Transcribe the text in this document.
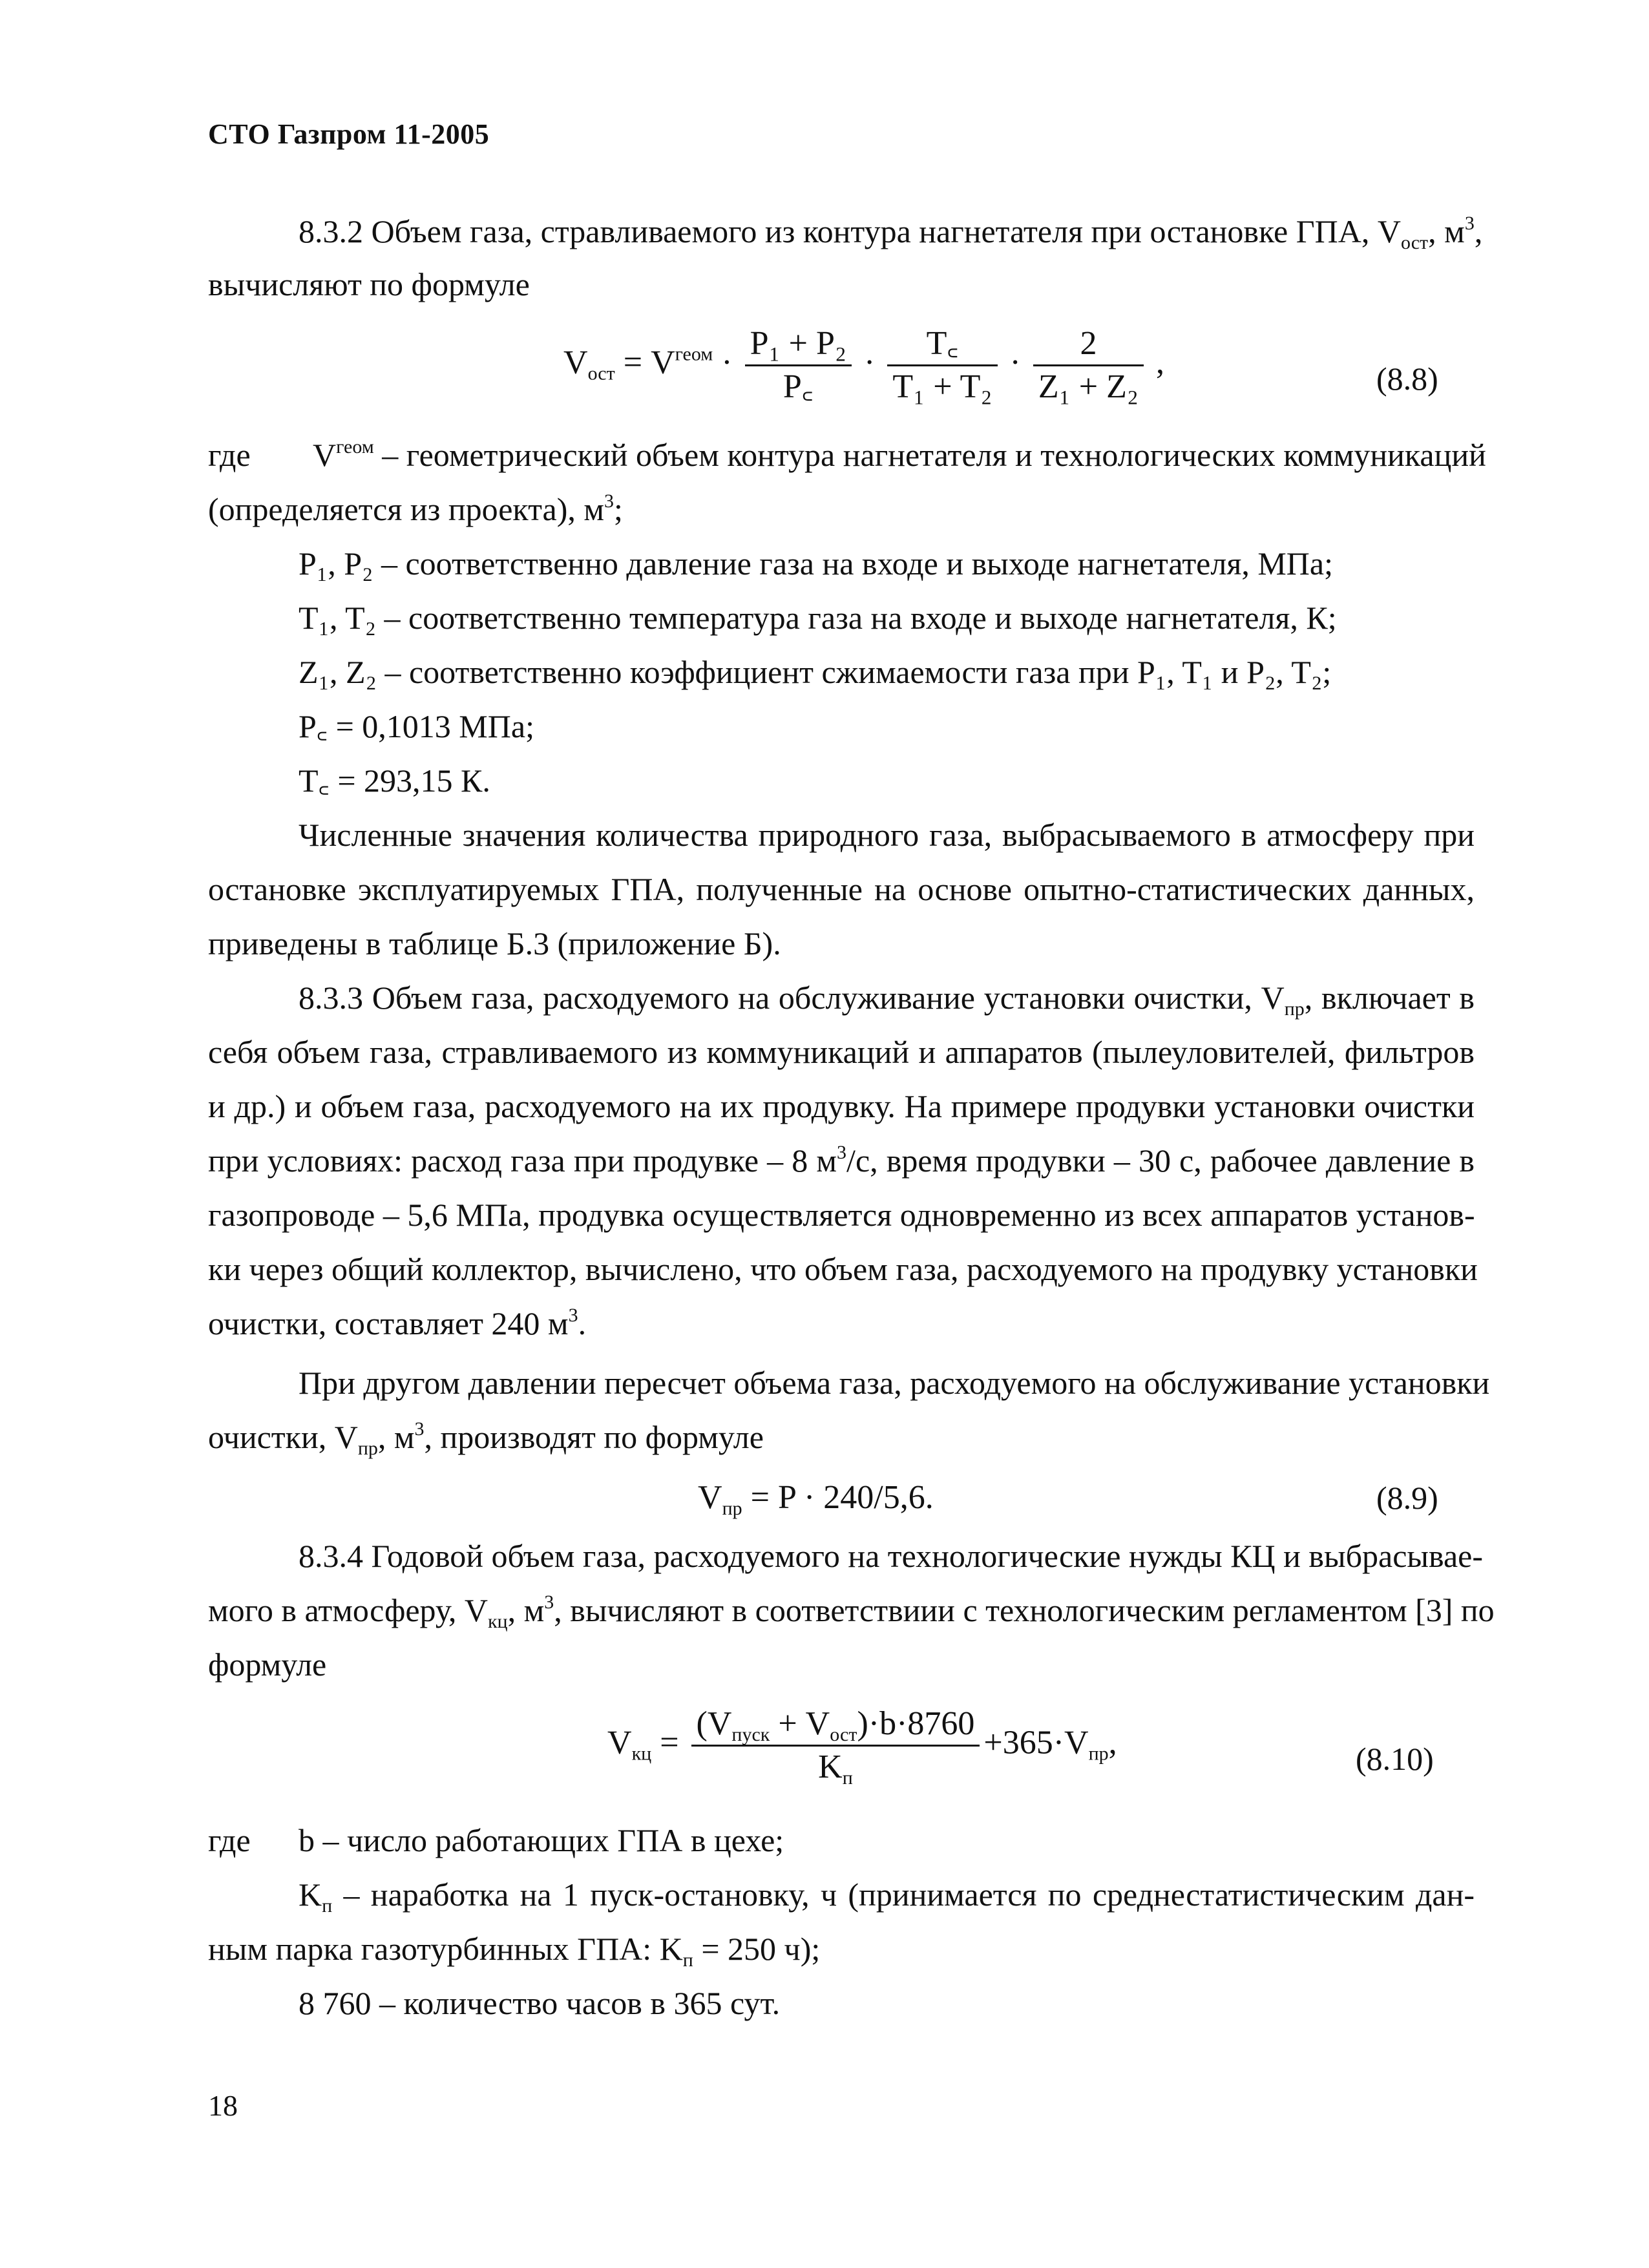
СТО Газпром 11-2005
8.3.2 Объем газа, стравливаемого из контура нагнетателя при остановке ГПА, $V_{ост}$, $м^3$,
вычисляют по формуле
$V_{ост} = V^{геом} \cdot \frac{\text{P₁ + P₂}}{P꜀} \cdot \frac{T꜀}{\text{T₁ + T₂}} \cdot \frac{2}{\text{Z₁ + Z₂}}$ ,	(8.8)
где $V^{геом}$ – геометрический объем контура нагнетателя и технологических коммуникаций
(определяется из проекта), $м^3$;
P₁, P₂ – соответственно давление газа на входе и выходе нагнетателя, МПа;
T₁, T₂ – соответственно температура газа на входе и выходе нагнетателя, К;
Z₁, Z₂ – соответственно коэффициент сжимаемости газа при P₁, T₁ и P₂, T₂;
P꜀ = 0,1013 МПа;
T꜀ = 293,15 К.
Численные значения количества природного газа, выбрасываемого в атмосферу при
остановке эксплуатируемых ГПА, полученные на основе опытно-статистических данных,
приведены в таблице Б.3 (приложение Б).
8.3.3 Объем газа, расходуемого на обслуживание установки очистки, $V_{пр}$, включает в
себя объем газа, стравливаемого из коммуникаций и аппаратов (пылеуловителей, фильтров
и др.) и объем газа, расходуемого на их продувку. На примере продувки установки очистки
при условиях: расход газа при продувке – 8 $м^3/с$, время продувки – 30 с, рабочее давление в
газопроводе – 5,6 МПа, продувка осуществляется одновременно из всех аппаратов установ-
ки через общий коллектор, вычислено, что объем газа, расходуемого на продувку установки
очистки, составляет 240 $м^3$.
При другом давлении пересчет объема газа, расходуемого на обслуживание установки
очистки, $V_{пр}$, $м^3$, производят по формуле
$V_{пр} = P \cdot 240/5,6$.	(8.9)
8.3.4 Годовой объем газа, расходуемого на технологические нужды КЦ и выбрасывае-
мого в атмосферу, $V_{кц}$, $м^3$, вычисляют в соответствиии с технологическим регламентом [3] по
формуле
$V_{кц} = \frac{(V_{пуск} + V_{ост})\cdot b\cdot 8760}{K_п} +365\cdot V_{пр}$,	(8.10)
где b – число работающих ГПА в цехе;
$K_п$ – наработка на 1 пуск-остановку, ч (принимается по среднестатистическим дан-
ным парка газотурбинных ГПА: $K_п = 250$ ч);
8 760 – количество часов в 365 сут.
18
